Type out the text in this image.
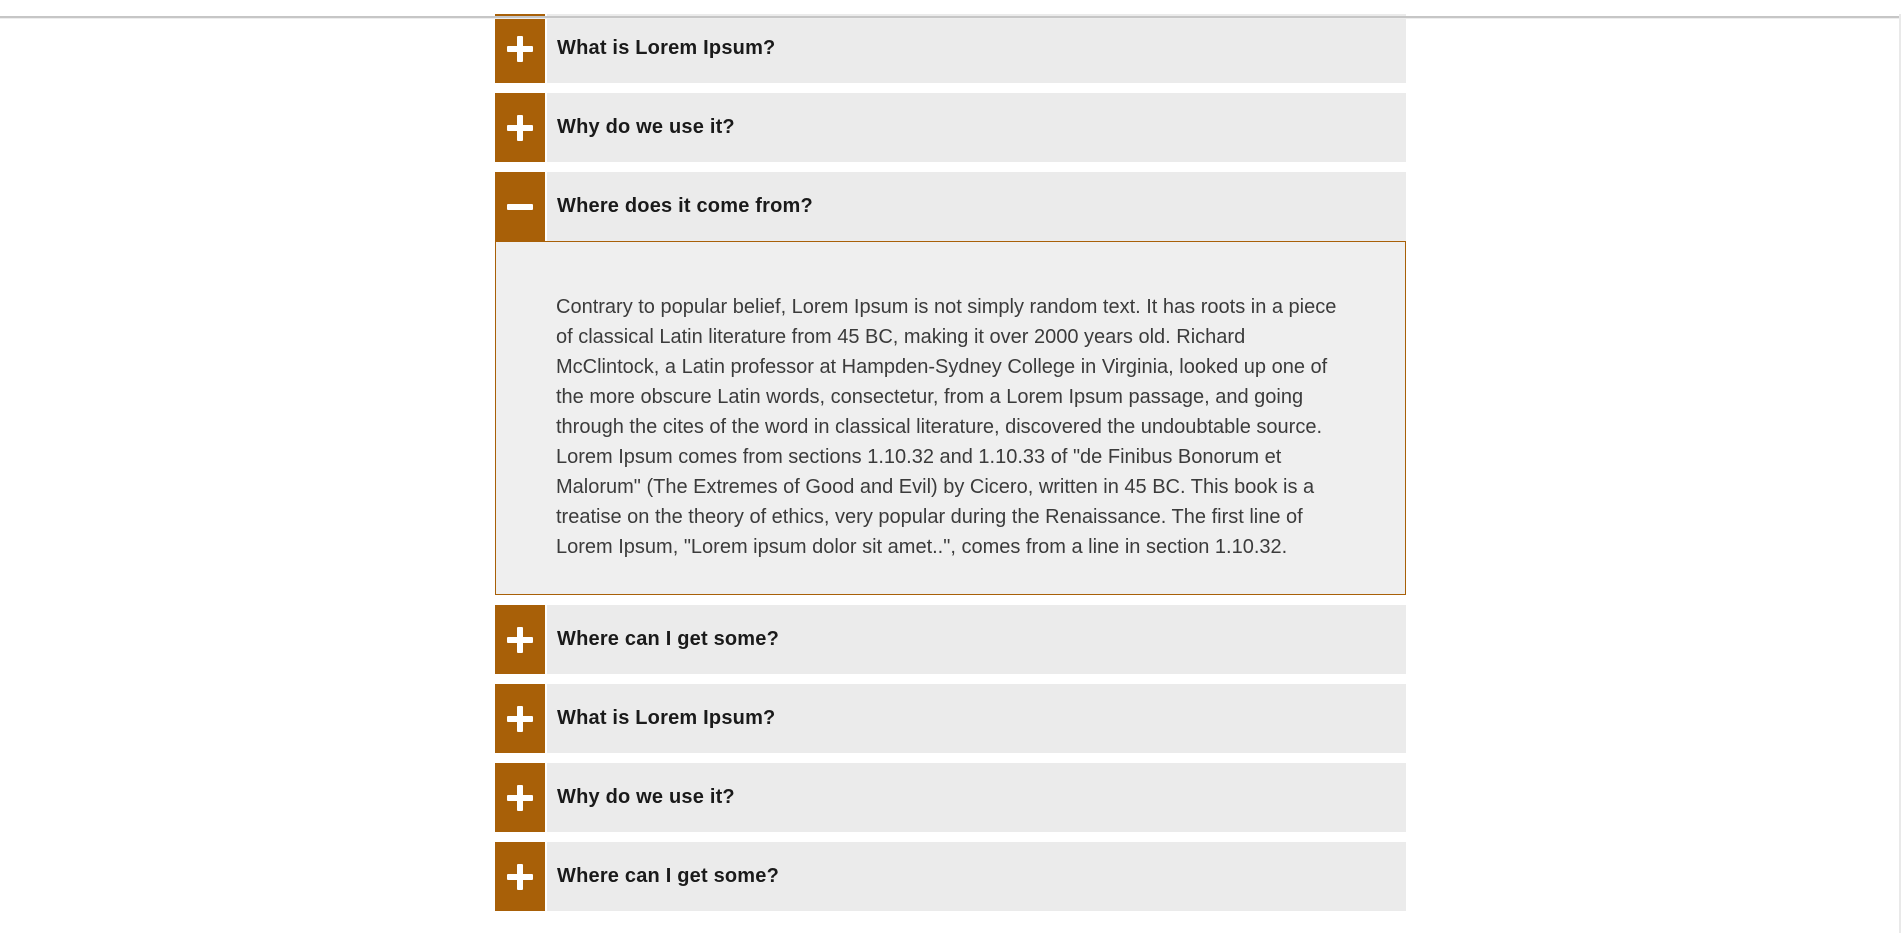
What is Lorem Ipsum?
Why do we use it?
Where does it come from?

Contrary to popular belief, Lorem Ipsum is not simply random text. It has roots in a piece of classical Latin literature from 45 BC, making it over 2000 years old. Richard McClintock, a Latin professor at Hampden-Sydney College in Virginia, looked up one of the more obscure Latin words, consectetur, from a Lorem Ipsum passage, and going through the cites of the word in classical literature, discovered the undoubtable source. Lorem Ipsum comes from sections 1.10.32 and 1.10.33 of "de Finibus Bonorum et Malorum" (The Extremes of Good and Evil) by Cicero, written in 45 BC. This book is a treatise on the theory of ethics, very popular during the Renaissance. The first line of Lorem Ipsum, "Lorem ipsum dolor sit amet..", comes from a line in section 1.10.32.

Where can I get some?
What is Lorem Ipsum?
Why do we use it?
Where can I get some?
